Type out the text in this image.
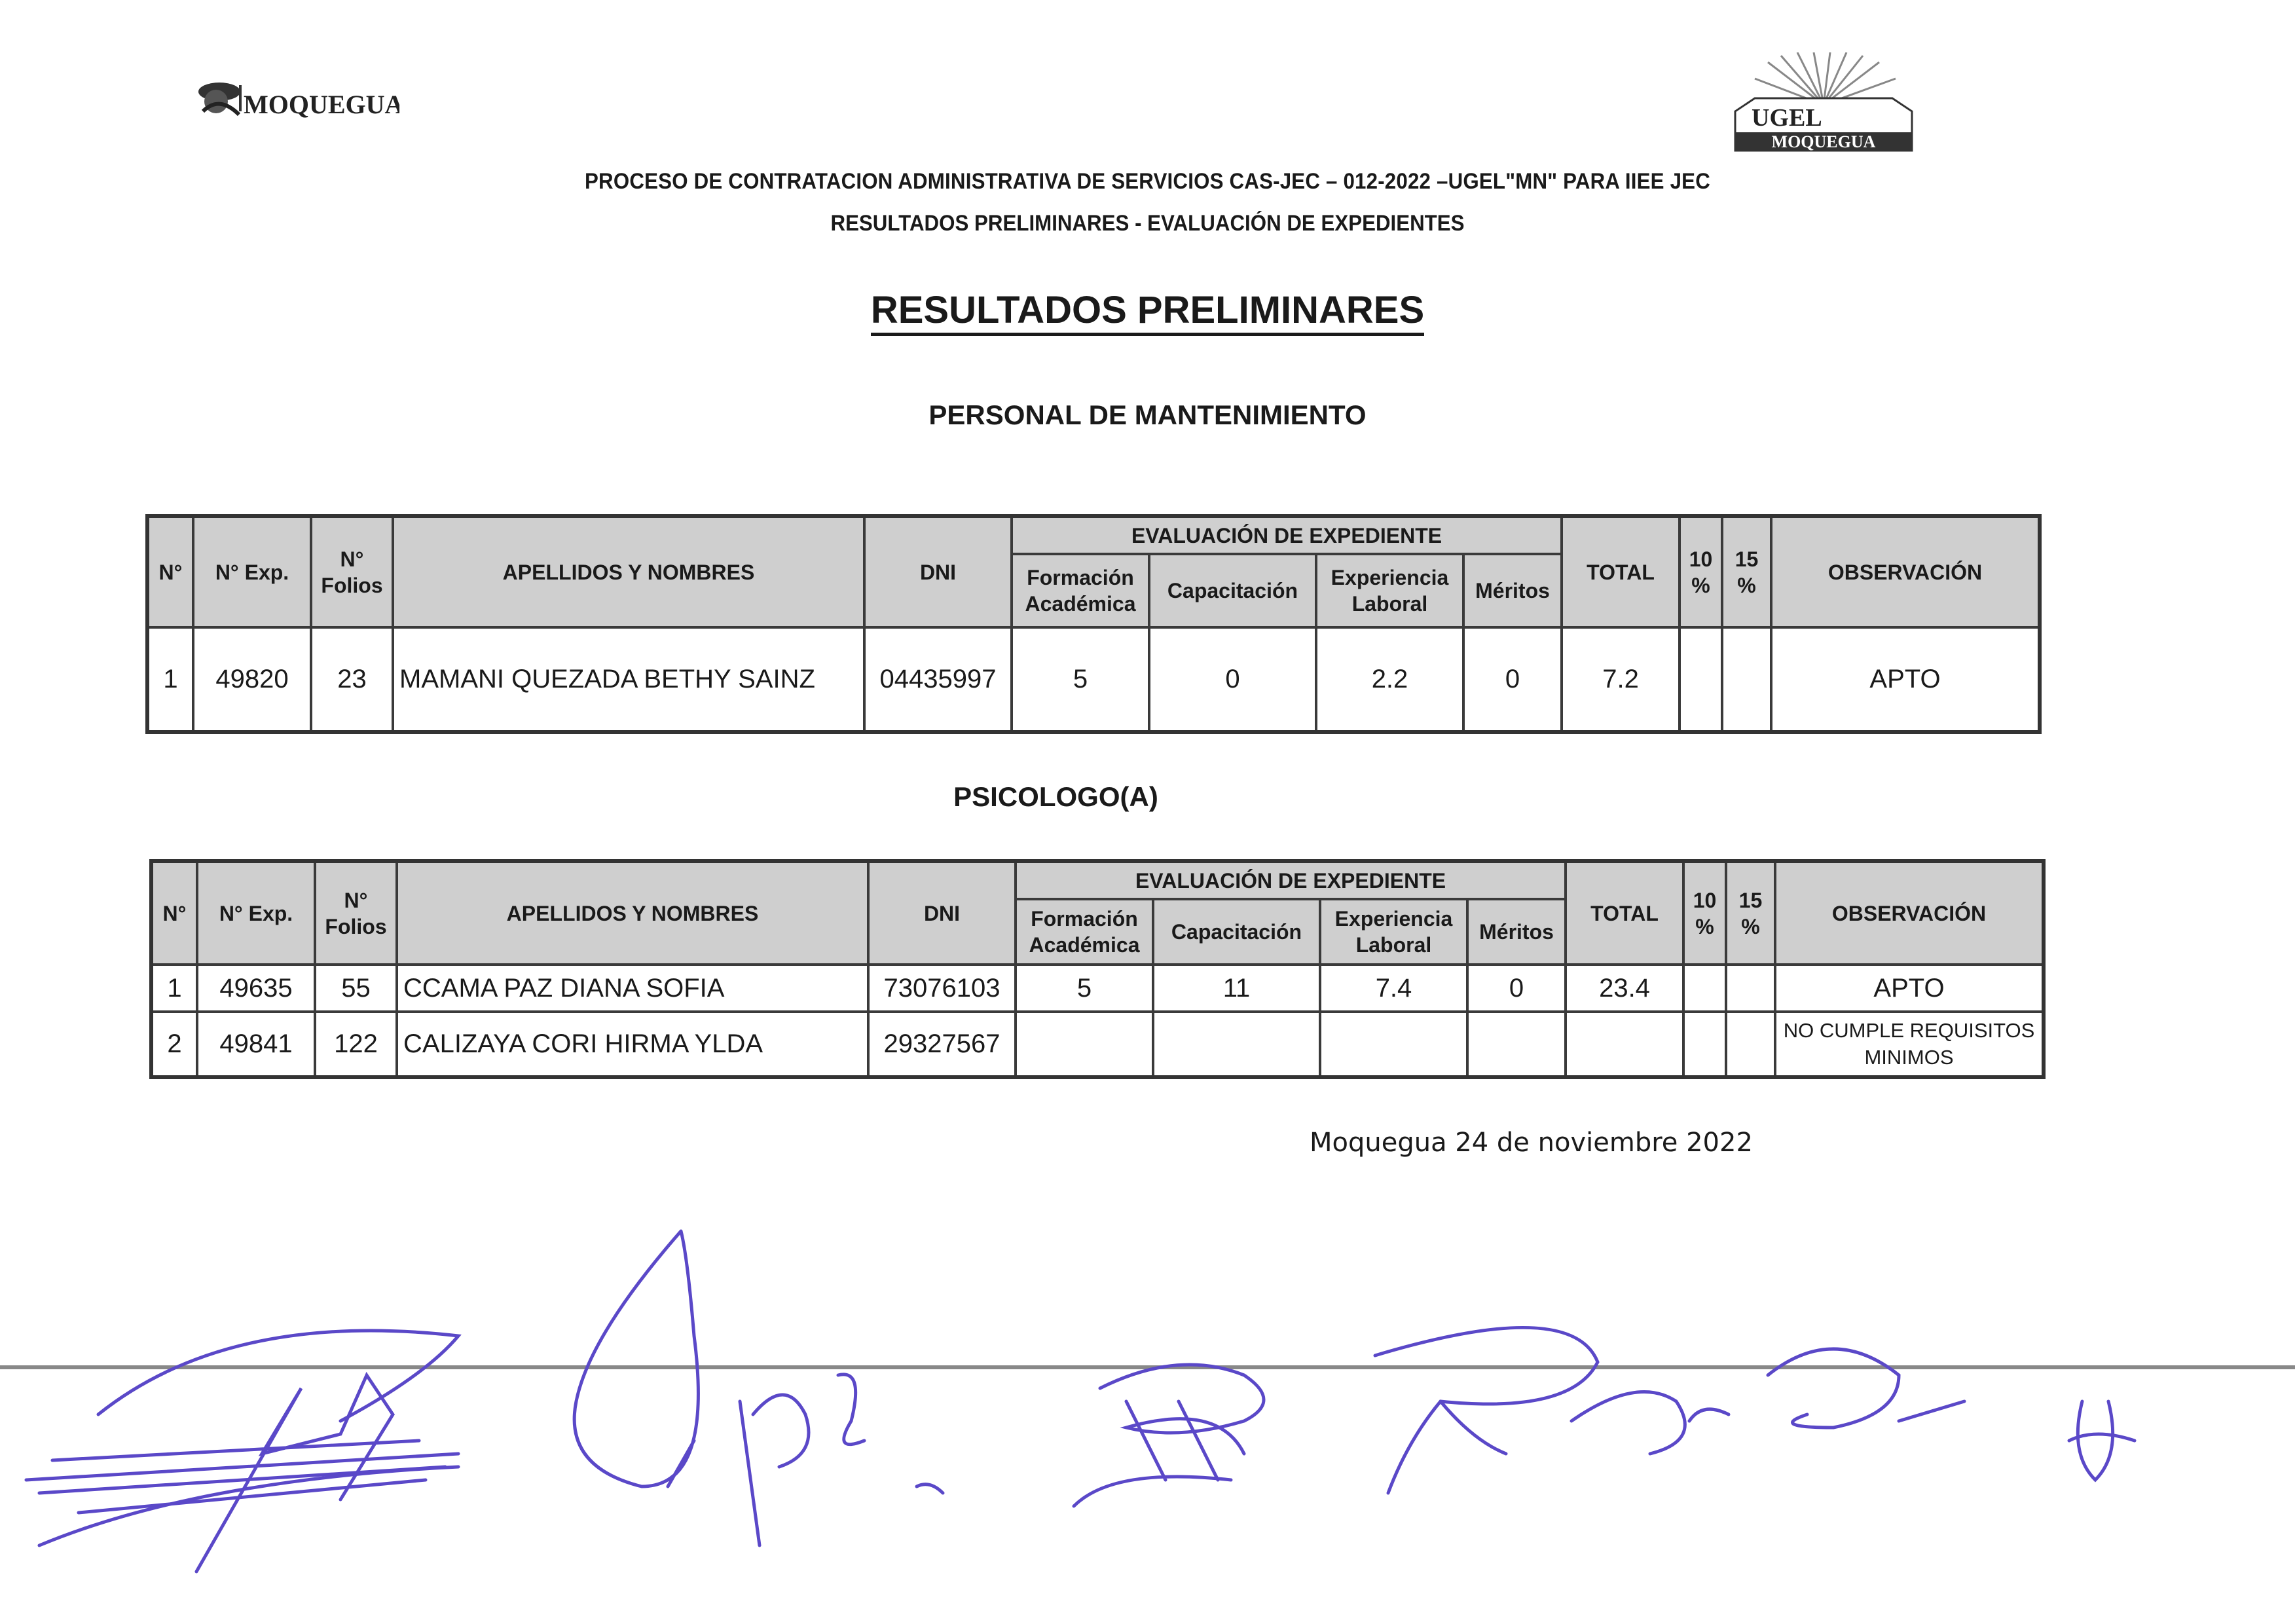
MOQUEGUA	UGEL
MOQUEGUA
PROCESO DE CONTRATACION ADMINISTRATIVA DE SERVICIOS CAS-JEC – 012-2022 –UGEL"MN" PARA IIEE JEC
RESULTADOS PRELIMINARES - EVALUACIÓN DE EXPEDIENTES
RESULTADOS PRELIMINARES
PERSONAL DE MANTENIMIENTO
N°	N° Exp.	N° Folios	APELLIDOS Y NOMBRES	DNI	EVALUACIÓN DE EXPEDIENTE				TOTAL	10 %	15 %	OBSERVACIÓN
					Formación Académica	Capacitación	Experiencia Laboral	Méritos				
1	49820	23	MAMANI QUEZADA BETHY SAINZ	04435997	5	0	2.2	0	7.2			APTO
PSICOLOGO(A)
N°	N° Exp.	N° Folios	APELLIDOS Y NOMBRES	DNI	EVALUACIÓN DE EXPEDIENTE				TOTAL	10 %	15 %	OBSERVACIÓN
					Formación Académica	Capacitación	Experiencia Laboral	Méritos				
1	49635	55	CCAMA PAZ DIANA SOFIA	73076103	5	11	7.4	0	23.4			APTO
2	49841	122	CALIZAYA CORI HIRMA YLDA	29327567								NO CUMPLE REQUISITOS MINIMOS
Moquegua 24 de noviembre 2022
